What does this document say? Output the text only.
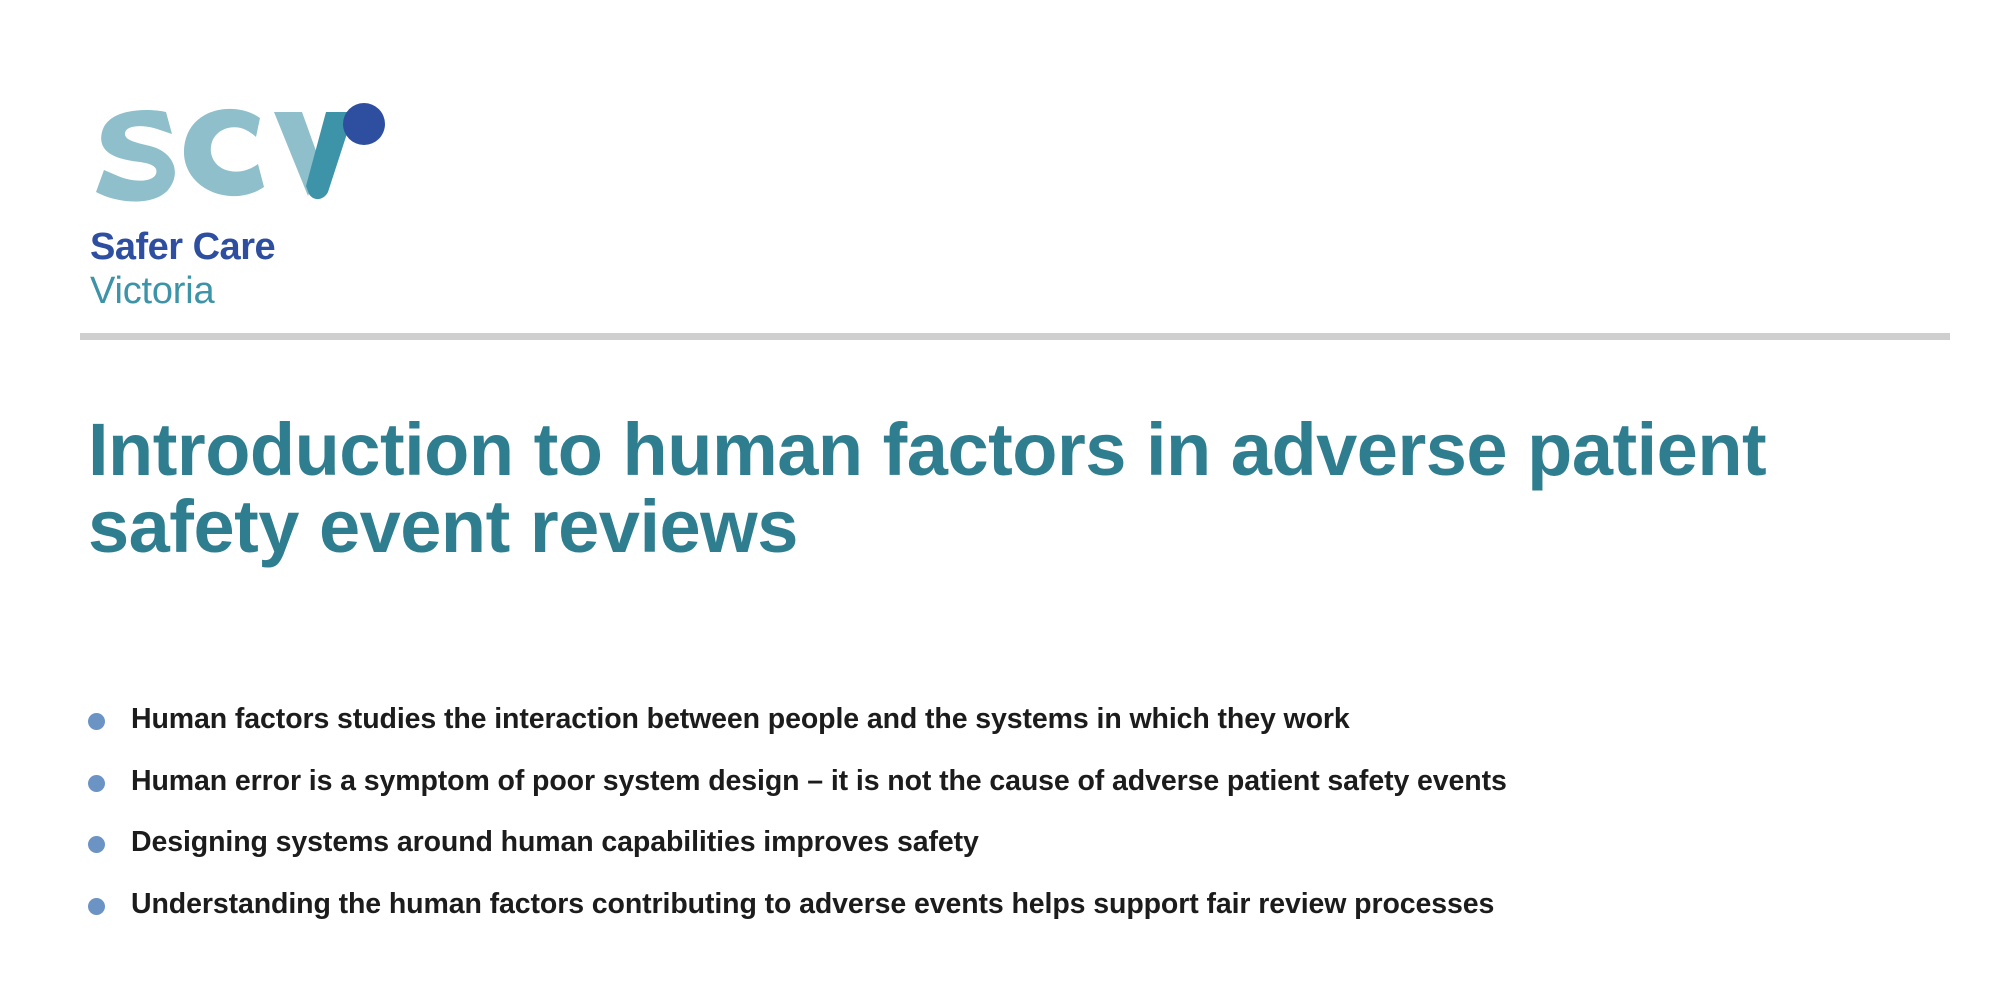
Safer Care
Victoria
Introduction to human factors in adverse patient safety event reviews
Human factors studies the interaction between people and the systems in which they work
Human error is a symptom of poor system design – it is not the cause of adverse patient safety events
Designing systems around human capabilities improves safety
Understanding the human factors contributing to adverse events helps support fair review processes
